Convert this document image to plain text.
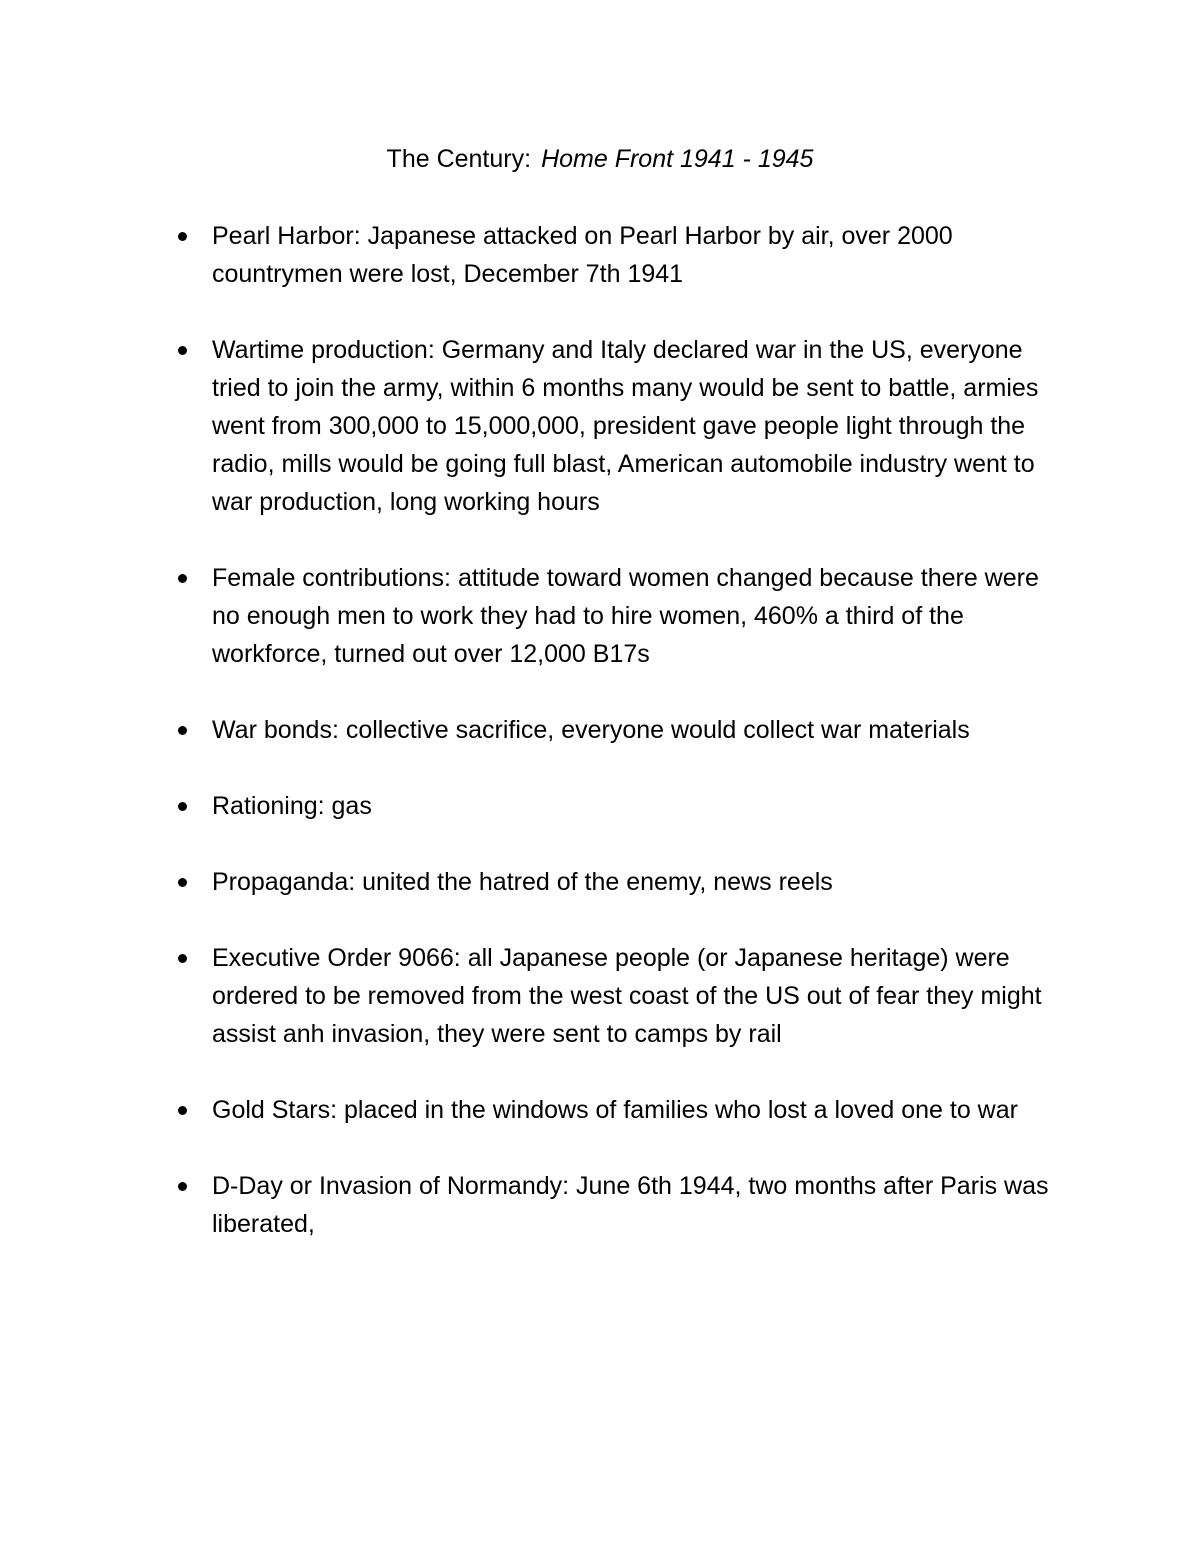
The Century: Home Front 1941 - 1945
Pearl Harbor: Japanese attacked on Pearl Harbor by air, over 2000 countrymen were lost, December 7th 1941
Wartime production: Germany and Italy declared war in the US, everyone tried to join the army, within 6 months many would be sent to battle, armies went from 300,000 to 15,000,000, president gave people light through the radio, mills would be going full blast, American automobile industry went to war production, long working hours
Female contributions: attitude toward women changed because there were no enough men to work they had to hire women, 460% a third of the workforce, turned out over 12,000 B17s
War bonds: collective sacrifice, everyone would collect war materials
Rationing: gas
Propaganda: united the hatred of the enemy, news reels
Executive Order 9066: all Japanese people (or Japanese heritage) were ordered to be removed from the west coast of the US out of fear they might assist anh invasion, they were sent to camps by rail
Gold Stars: placed in the windows of families who lost a loved one to war
D-Day or Invasion of Normandy: June 6th 1944, two months after Paris was liberated,
